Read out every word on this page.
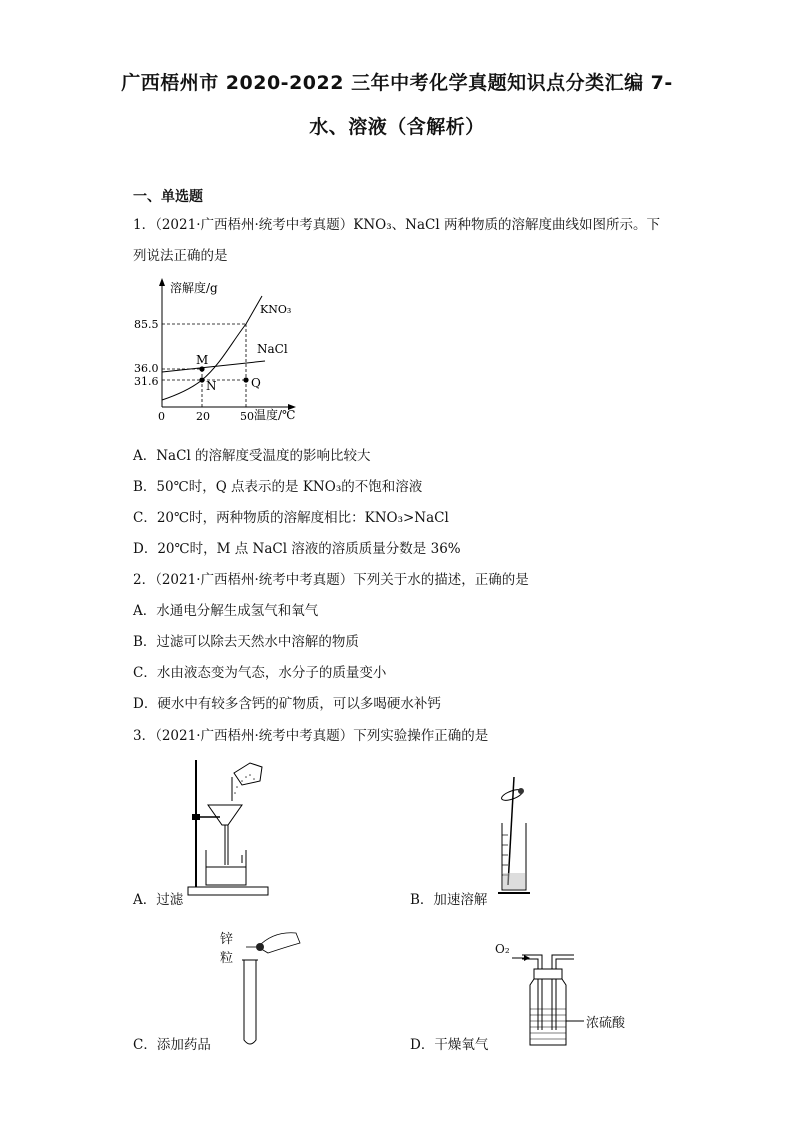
广西梧州市 2020-2022 三年中考化学真题知识点分类汇编 7-
水、溶液（含解析）
一、单选题
1．（2021·广西梧州·统考中考真题）KNO₃、NaCl 两种物质的溶解度曲线如图所示。下
列说法正确的是
溶解度/g
温度/℃
0
85.5
36.0
31.6
20	50
KNO₃
NaCl
M
N	Q
A．NaCl 的溶解度受温度的影响比较大
B．50℃时，Q 点表示的是 KNO₃的不饱和溶液
C．20℃时，两种物质的溶解度相比：KNO₃>NaCl
D．20℃时，M 点 NaCl 溶液的溶质质量分数是 36%
2．（2021·广西梧州·统考中考真题）下列关于水的描述，正确的是
A．水通电分解生成氢气和氧气
B．过滤可以除去天然水中溶解的物质
C．水由液态变为气态，水分子的质量变小
D．硬水中有较多含钙的矿物质，可以多喝硬水补钙
3．（2021·广西梧州·统考中考真题）下列实验操作正确的是
A．过滤	B．加速溶解
锌
粒
O₂
浓硫酸
C．添加药品	D．干燥氧气
